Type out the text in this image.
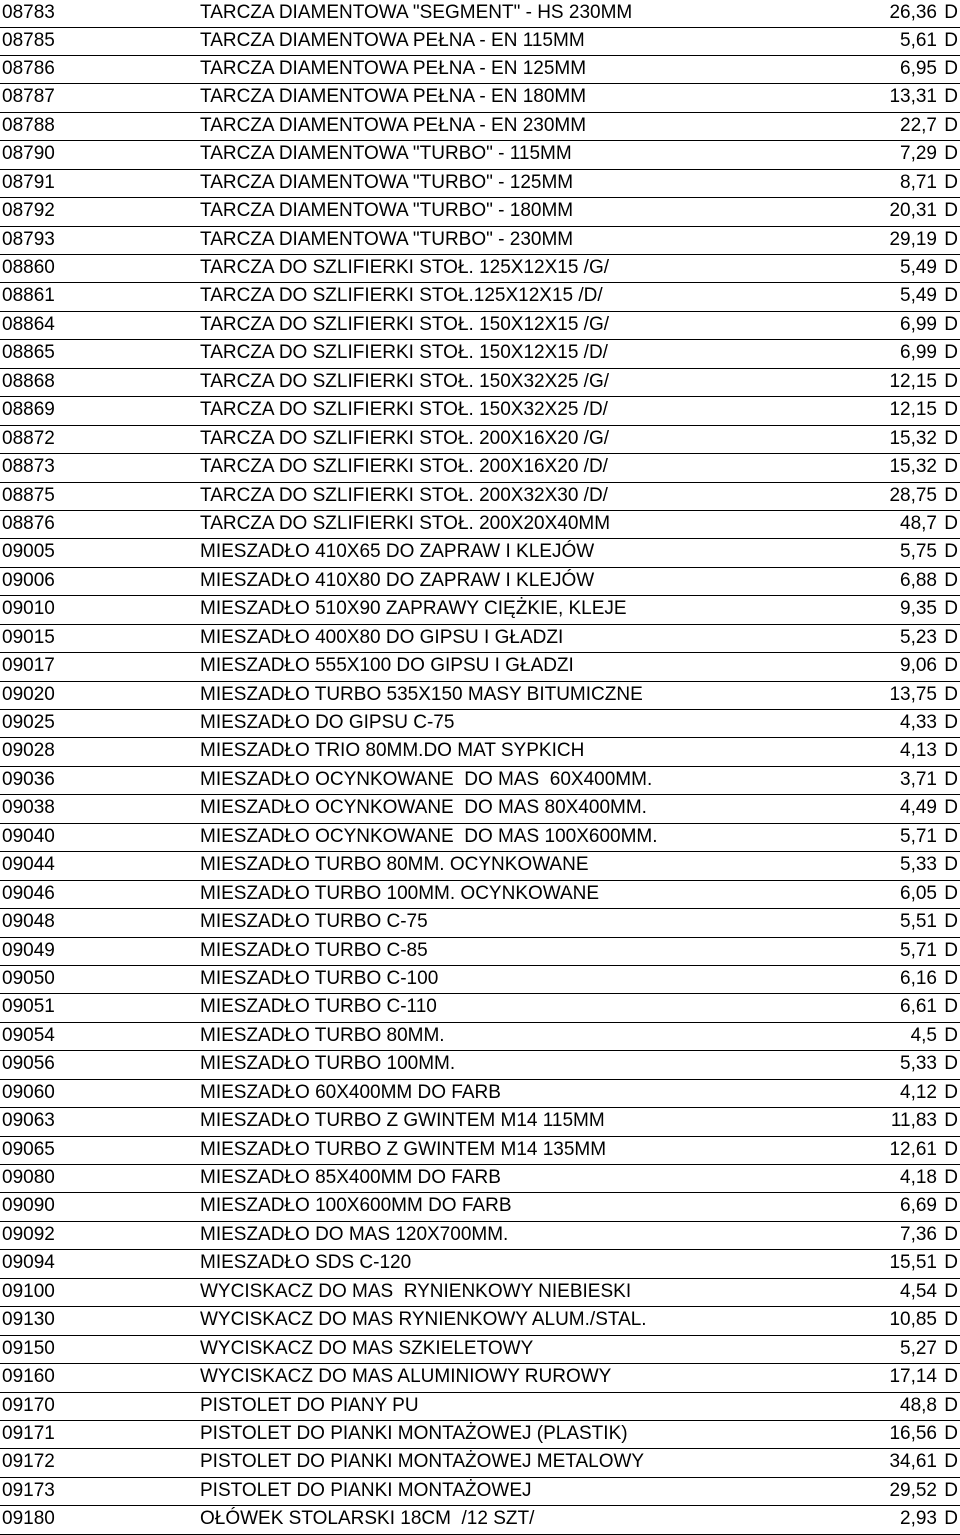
08783	TARCZA DIAMENTOWA "SEGMENT" - HS 230MM	26,36 D
08785	TARCZA DIAMENTOWA PEŁNA - EN 115MM	5,61 D
08786	TARCZA DIAMENTOWA PEŁNA - EN 125MM	6,95 D
08787	TARCZA DIAMENTOWA PEŁNA - EN 180MM	13,31 D
08788	TARCZA DIAMENTOWA PEŁNA - EN 230MM	22,7 D
08790	TARCZA DIAMENTOWA "TURBO" - 115MM	7,29 D
08791	TARCZA DIAMENTOWA "TURBO" - 125MM	8,71 D
08792	TARCZA DIAMENTOWA "TURBO" - 180MM	20,31 D
08793	TARCZA DIAMENTOWA "TURBO" - 230MM	29,19 D
08860	TARCZA DO SZLIFIERKI STOŁ. 125X12X15 /G/	5,49 D
08861	TARCZA DO SZLIFIERKI STOŁ.125X12X15 /D/	5,49 D
08864	TARCZA DO SZLIFIERKI STOŁ. 150X12X15 /G/	6,99 D
08865	TARCZA DO SZLIFIERKI STOŁ. 150X12X15 /D/	6,99 D
08868	TARCZA DO SZLIFIERKI STOŁ. 150X32X25 /G/	12,15 D
08869	TARCZA DO SZLIFIERKI STOŁ. 150X32X25 /D/	12,15 D
08872	TARCZA DO SZLIFIERKI STOŁ. 200X16X20 /G/	15,32 D
08873	TARCZA DO SZLIFIERKI STOŁ. 200X16X20 /D/	15,32 D
08875	TARCZA DO SZLIFIERKI STOŁ. 200X32X30 /D/	28,75 D
08876	TARCZA DO SZLIFIERKI STOŁ. 200X20X40MM	48,7 D
09005	MIESZADŁO 410X65 DO ZAPRAW I KLEJÓW	5,75 D
09006	MIESZADŁO 410X80 DO ZAPRAW I KLEJÓW	6,88 D
09010	MIESZADŁO 510X90 ZAPRAWY CIĘŻKIE, KLEJE	9,35 D
09015	MIESZADŁO 400X80 DO GIPSU I GŁADZI	5,23 D
09017	MIESZADŁO 555X100 DO GIPSU I GŁADZI	9,06 D
09020	MIESZADŁO TURBO 535X150 MASY BITUMICZNE	13,75 D
09025	MIESZADŁO DO GIPSU C-75	4,33 D
09028	MIESZADŁO TRIO 80MM.DO MAT SYPKICH	4,13 D
09036	MIESZADŁO OCYNKOWANE  DO MAS  60X400MM.	3,71 D
09038	MIESZADŁO OCYNKOWANE  DO MAS 80X400MM.	4,49 D
09040	MIESZADŁO OCYNKOWANE  DO MAS 100X600MM.	5,71 D
09044	MIESZADŁO TURBO 80MM. OCYNKOWANE	5,33 D
09046	MIESZADŁO TURBO 100MM. OCYNKOWANE	6,05 D
09048	MIESZADŁO TURBO C-75	5,51 D
09049	MIESZADŁO TURBO C-85	5,71 D
09050	MIESZADŁO TURBO C-100	6,16 D
09051	MIESZADŁO TURBO C-110	6,61 D
09054	MIESZADŁO TURBO 80MM.	4,5 D
09056	MIESZADŁO TURBO 100MM.	5,33 D
09060	MIESZADŁO 60X400MM DO FARB	4,12 D
09063	MIESZADŁO TURBO Z GWINTEM M14 115MM	11,83 D
09065	MIESZADŁO TURBO Z GWINTEM M14 135MM	12,61 D
09080	MIESZADŁO 85X400MM DO FARB	4,18 D
09090	MIESZADŁO 100X600MM DO FARB	6,69 D
09092	MIESZADŁO DO MAS 120X700MM.	7,36 D
09094	MIESZADŁO SDS C-120	15,51 D
09100	WYCISKACZ DO MAS  RYNIENKOWY NIEBIESKI	4,54 D
09130	WYCISKACZ DO MAS RYNIENKOWY ALUM./STAL.	10,85 D
09150	WYCISKACZ DO MAS SZKIELETOWY	5,27 D
09160	WYCISKACZ DO MAS ALUMINIOWY RUROWY	17,14 D
09170	PISTOLET DO PIANY PU	48,8 D
09171	PISTOLET DO PIANKI MONTAŻOWEJ (PLASTIK)	16,56 D
09172	PISTOLET DO PIANKI MONTAŻOWEJ METALOWY	34,61 D
09173	PISTOLET DO PIANKI MONTAŻOWEJ	29,52 D
09180	OŁÓWEK STOLARSKI 18CM  /12 SZT/	2,93 D
